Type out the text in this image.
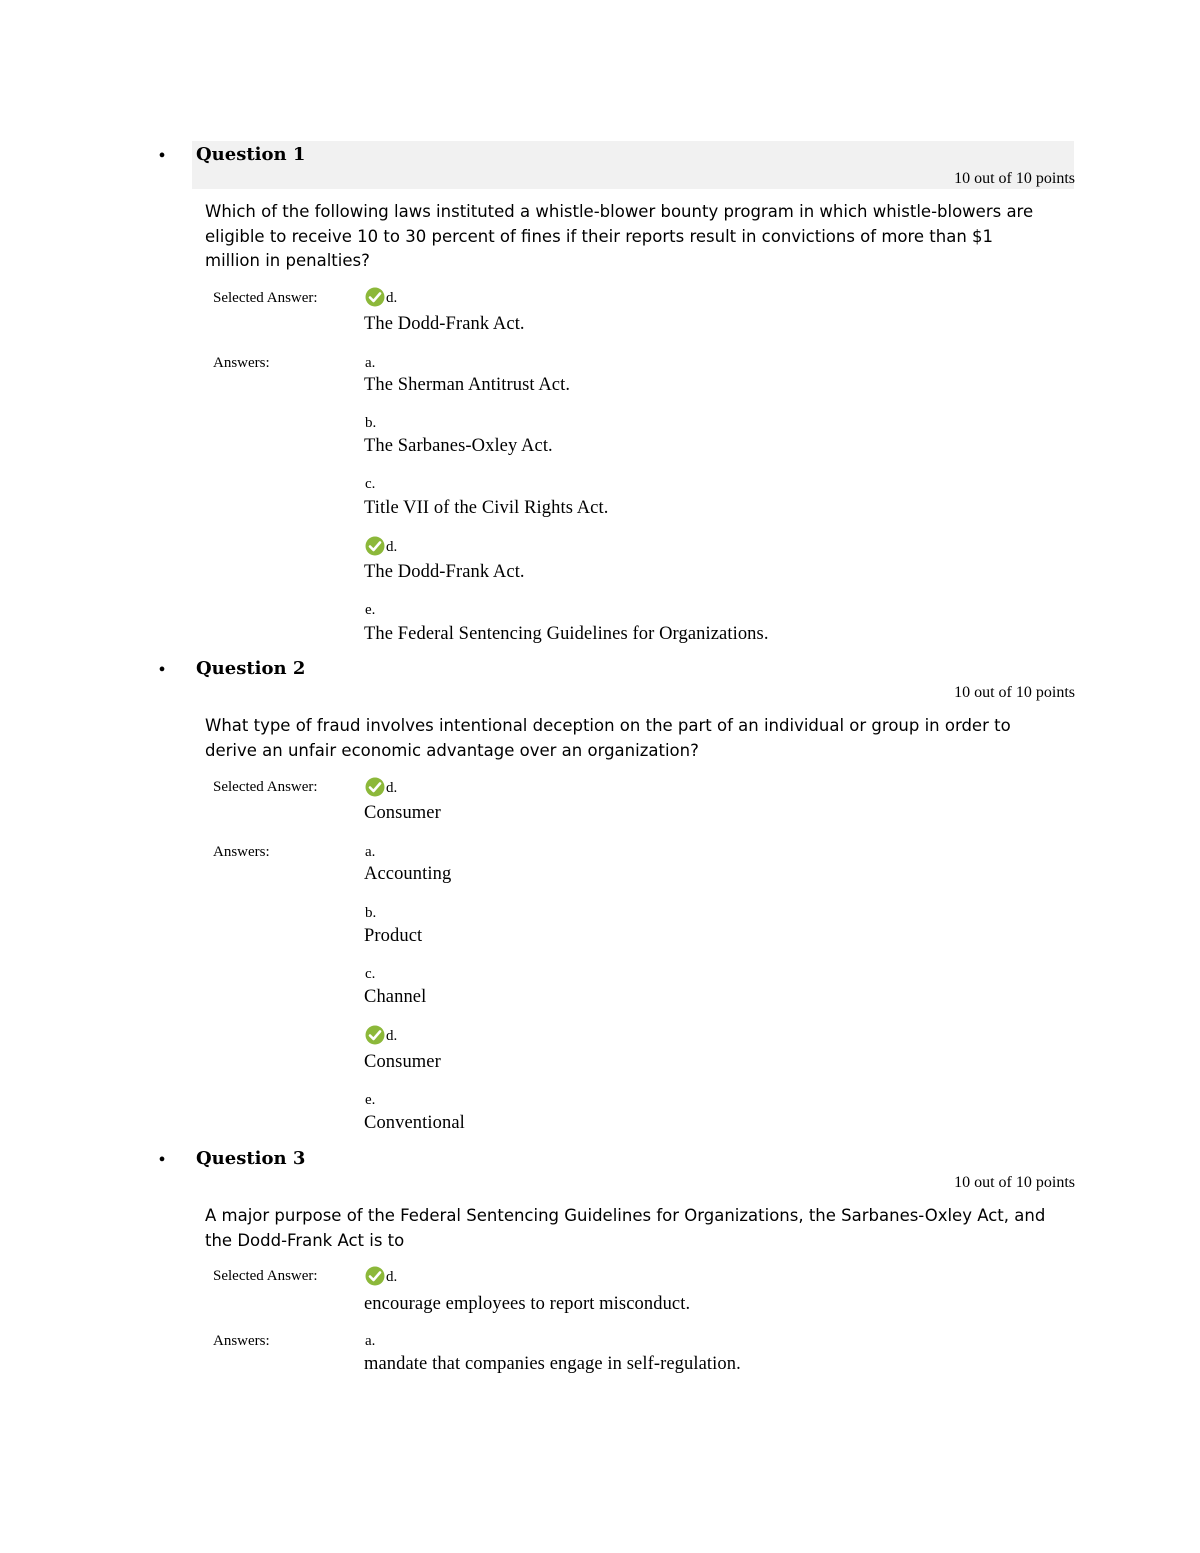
• Question 1
10 out of 10 points
Which of the following laws instituted a whistle-blower bounty program in which whistle-blowers are
eligible to receive 10 to 30 percent of fines if their reports result in convictions of more than $1
million in penalties?
Selected Answer:	d.
The Dodd-Frank Act.
Answers:	a.
The Sherman Antitrust Act.
b.
The Sarbanes-Oxley Act.
c.
Title VII of the Civil Rights Act.
d.
The Dodd-Frank Act.
e.
The Federal Sentencing Guidelines for Organizations.
• Question 2
10 out of 10 points
What type of fraud involves intentional deception on the part of an individual or group in order to
derive an unfair economic advantage over an organization?
Selected Answer:	d.
Consumer
Answers:	a.
Accounting
b.
Product
c.
Channel
d.
Consumer
e.
Conventional
• Question 3
10 out of 10 points
A major purpose of the Federal Sentencing Guidelines for Organizations, the Sarbanes-Oxley Act, and
the Dodd-Frank Act is to
Selected Answer:	d.
encourage employees to report misconduct.
Answers:	a.
mandate that companies engage in self-regulation.
